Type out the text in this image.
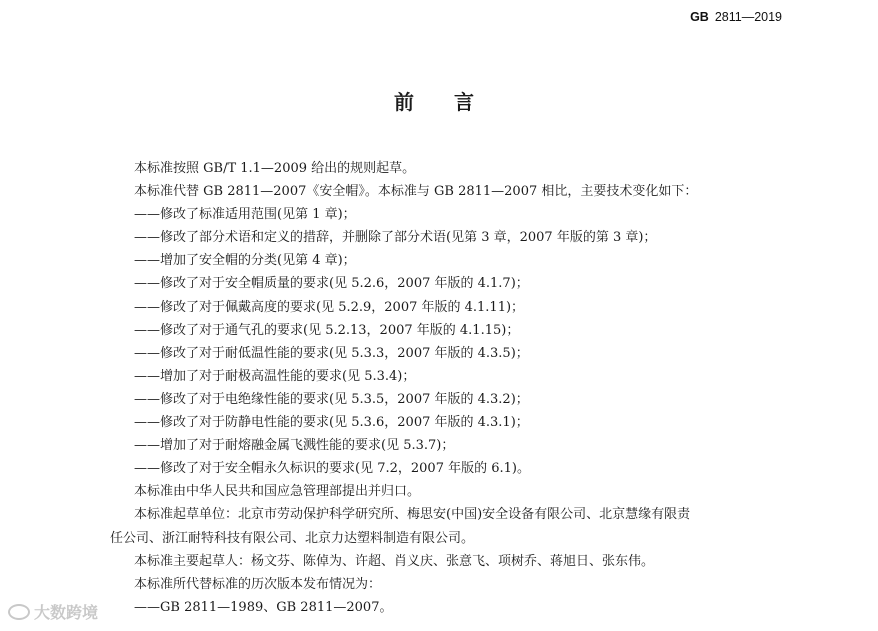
GB 2811—2019
前言
本标准按照 GB/T 1.1—2009 给出的规则起草。
本标准代替 GB 2811—2007《安全帽》。本标准与 GB 2811—2007 相比，主要技术变化如下：
——修改了标准适用范围(见第 1 章)；
——修改了部分术语和定义的措辞，并删除了部分术语(见第 3 章，2007 年版的第 3 章)；
——增加了安全帽的分类(见第 4 章)；
——修改了对于安全帽质量的要求(见 5.2.6，2007 年版的 4.1.7)；
——修改了对于佩戴高度的要求(见 5.2.9，2007 年版的 4.1.11)；
——修改了对于通气孔的要求(见 5.2.13，2007 年版的 4.1.15)；
——修改了对于耐低温性能的要求(见 5.3.3，2007 年版的 4.3.5)；
——增加了对于耐极高温性能的要求(见 5.3.4)；
——修改了对于电绝缘性能的要求(见 5.3.5，2007 年版的 4.3.2)；
——修改了对于防静电性能的要求(见 5.3.6，2007 年版的 4.3.1)；
——增加了对于耐熔融金属飞溅性能的要求(见 5.3.7)；
——修改了对于安全帽永久标识的要求(见 7.2，2007 年版的 6.1)。
本标准由中华人民共和国应急管理部提出并归口。
本标准起草单位：北京市劳动保护科学研究所、梅思安(中国)安全设备有限公司、北京慧缘有限责
任公司、浙江耐特科技有限公司、北京力达塑料制造有限公司。
本标准主要起草人：杨文芬、陈倬为、许超、肖义庆、张意飞、项树乔、蒋旭日、张东伟。
本标准所代替标准的历次版本发布情况为：
——GB 2811—1989、GB 2811—2007。
大数跨境
